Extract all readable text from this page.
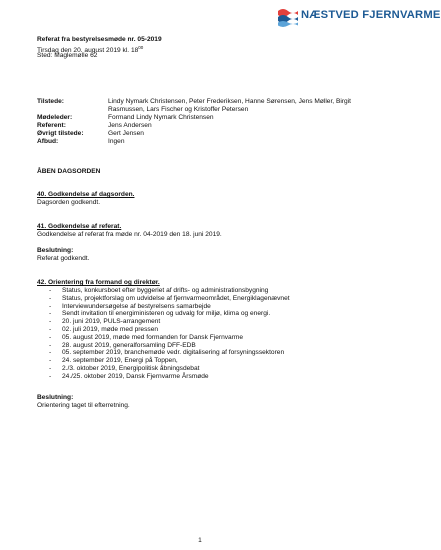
NÆSTVED FJERNVARME
Referat fra bestyrelsesmøde nr. 05-2019
Tirsdag den 20. august 2019 kl. $18^{00}$
Sted: Maglemølle 62
Tilstede:	Lindy Nymark Christensen, Peter Frederiksen, Hanne Sørensen, Jens Møller, Birgit Rasmussen, Lars Fischer og Kristoffer Petersen
Mødeleder:	Formand Lindy Nymark Christensen
Referent:	Jens Andersen
Øvrigt tilstede:	Gert Jensen
Afbud:	Ingen
ÅBEN DAGSORDEN
40. Godkendelse af dagsorden.
Dagsorden godkendt.
41. Godkendelse af referat.
Godkendelse af referat fra møde nr. 04-2019 den 18. juni 2019.
Beslutning:
Referat godkendt.
42. Orientering fra formand og direktør.
- Status, konkursboet efter byggeriet af drifts- og administrationsbygning
- Status, projektforslag om udvidelse af fjernvarmeområdet, Energiklagenævnet
- Interviewundersøgelse af bestyrelsens samarbejde
- Sendt invitation til energiministeren og udvalg for miljø, klima og energi.
- 20. juni 2019, PULS-arrangement
- 02. juli 2019, møde med pressen
- 05. august 2019, møde med formanden for Dansk Fjernvarme
- 28. august 2019, generalforsamling DFF-EDB
- 05. september 2019, branchemøde vedr. digitalisering af forsyningssektoren
- 24. september 2019, Energi på Toppen,
- 2./3. oktober 2019, Energipolitisk åbningsdebat
- 24./25. oktober 2019, Dansk Fjernvarme Årsmøde
Beslutning:
Orientering taget til efterretning.
1
